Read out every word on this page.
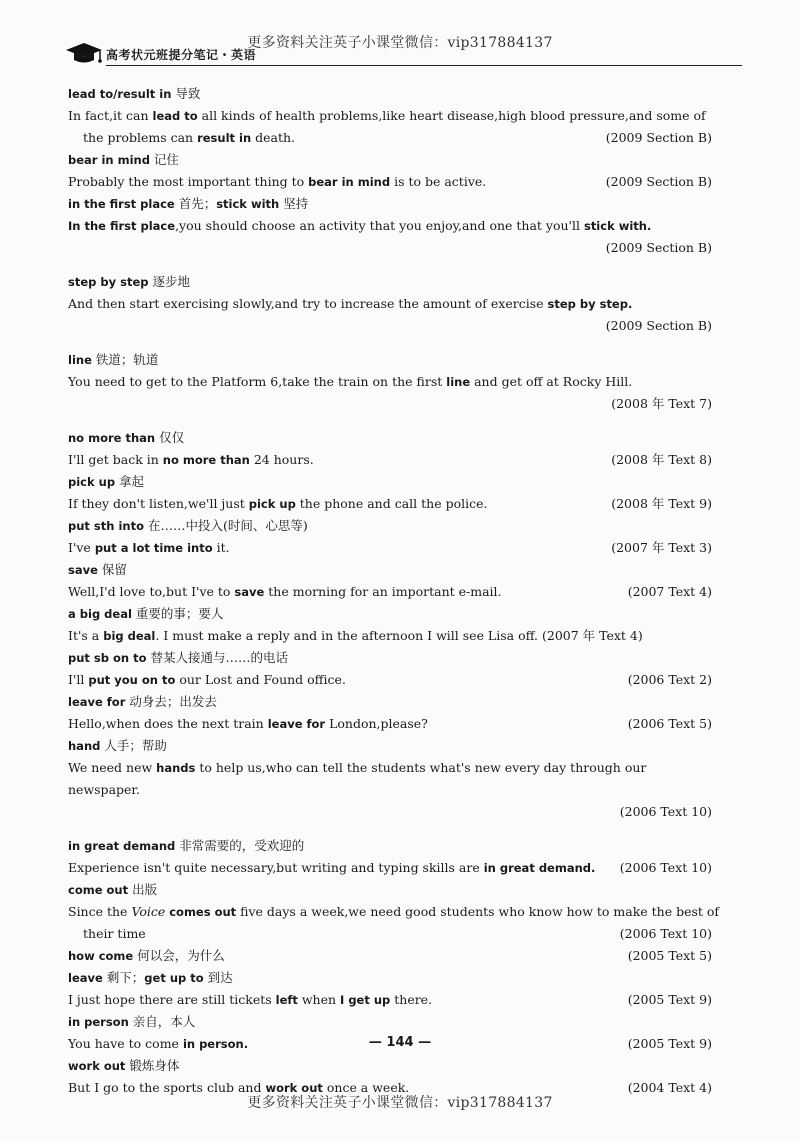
更多资料关注英子小课堂微信：vip317884137
高考状元班提分笔记・英语
lead to/result in 导致
In fact,it can lead to all kinds of health problems,like heart disease,high blood pressure,and some of
the problems can result in death.	(2009 Section B)
bear in mind 记住
Probably the most important thing to bear in mind is to be active.	(2009 Section B)
in the first place 首先；stick with 坚持
In the first place,you should choose an activity that you enjoy,and one that you'll stick with.
(2009 Section B)
step by step 逐步地
And then start exercising slowly,and try to increase the amount of exercise step by step.
(2009 Section B)
line 铁道；轨道
You need to get to the Platform 6,take the train on the first line and get off at Rocky Hill.
(2008 年 Text 7)
no more than 仅仅
I'll get back in no more than 24 hours.	(2008 年 Text 8)
pick up 拿起
If they don't listen,we'll just pick up the phone and call the police.	(2008 年 Text 9)
put sth into 在……中投入(时间、心思等)
I've put a lot time into it.	(2007 年 Text 3)
save 保留
Well,I'd love to,but I've to save the morning for an important e-mail.	(2007 Text 4)
a big deal 重要的事；要人
It's a big deal. I must make a reply and in the afternoon I will see Lisa off. (2007 年 Text 4)
put sb on to 替某人接通与……的电话
I'll put you on to our Lost and Found office.	(2006 Text 2)
leave for 动身去；出发去
Hello,when does the next train leave for London,please?	(2006 Text 5)
hand 人手；帮助
We need new hands to help us,who can tell the students what's new every day through our newspaper.
(2006 Text 10)
in great demand 非常需要的，受欢迎的
Experience isn't quite necessary,but writing and typing skills are in great demand.	(2006 Text 10)
come out 出版
Since the Voice comes out five days a week,we need good students who know how to make the best of
their time	(2006 Text 10)
how come 何以会，为什么	(2005 Text 5)
leave 剩下；get up to 到达
I just hope there are still tickets left when I get up there.	(2005 Text 9)
in person 亲自，本人
You have to come in person.	(2005 Text 9)
work out 锻炼身体
But I go to the sports club and work out once a week.	(2004 Text 4)
— 144 —
更多资料关注英子小课堂微信：vip317884137
